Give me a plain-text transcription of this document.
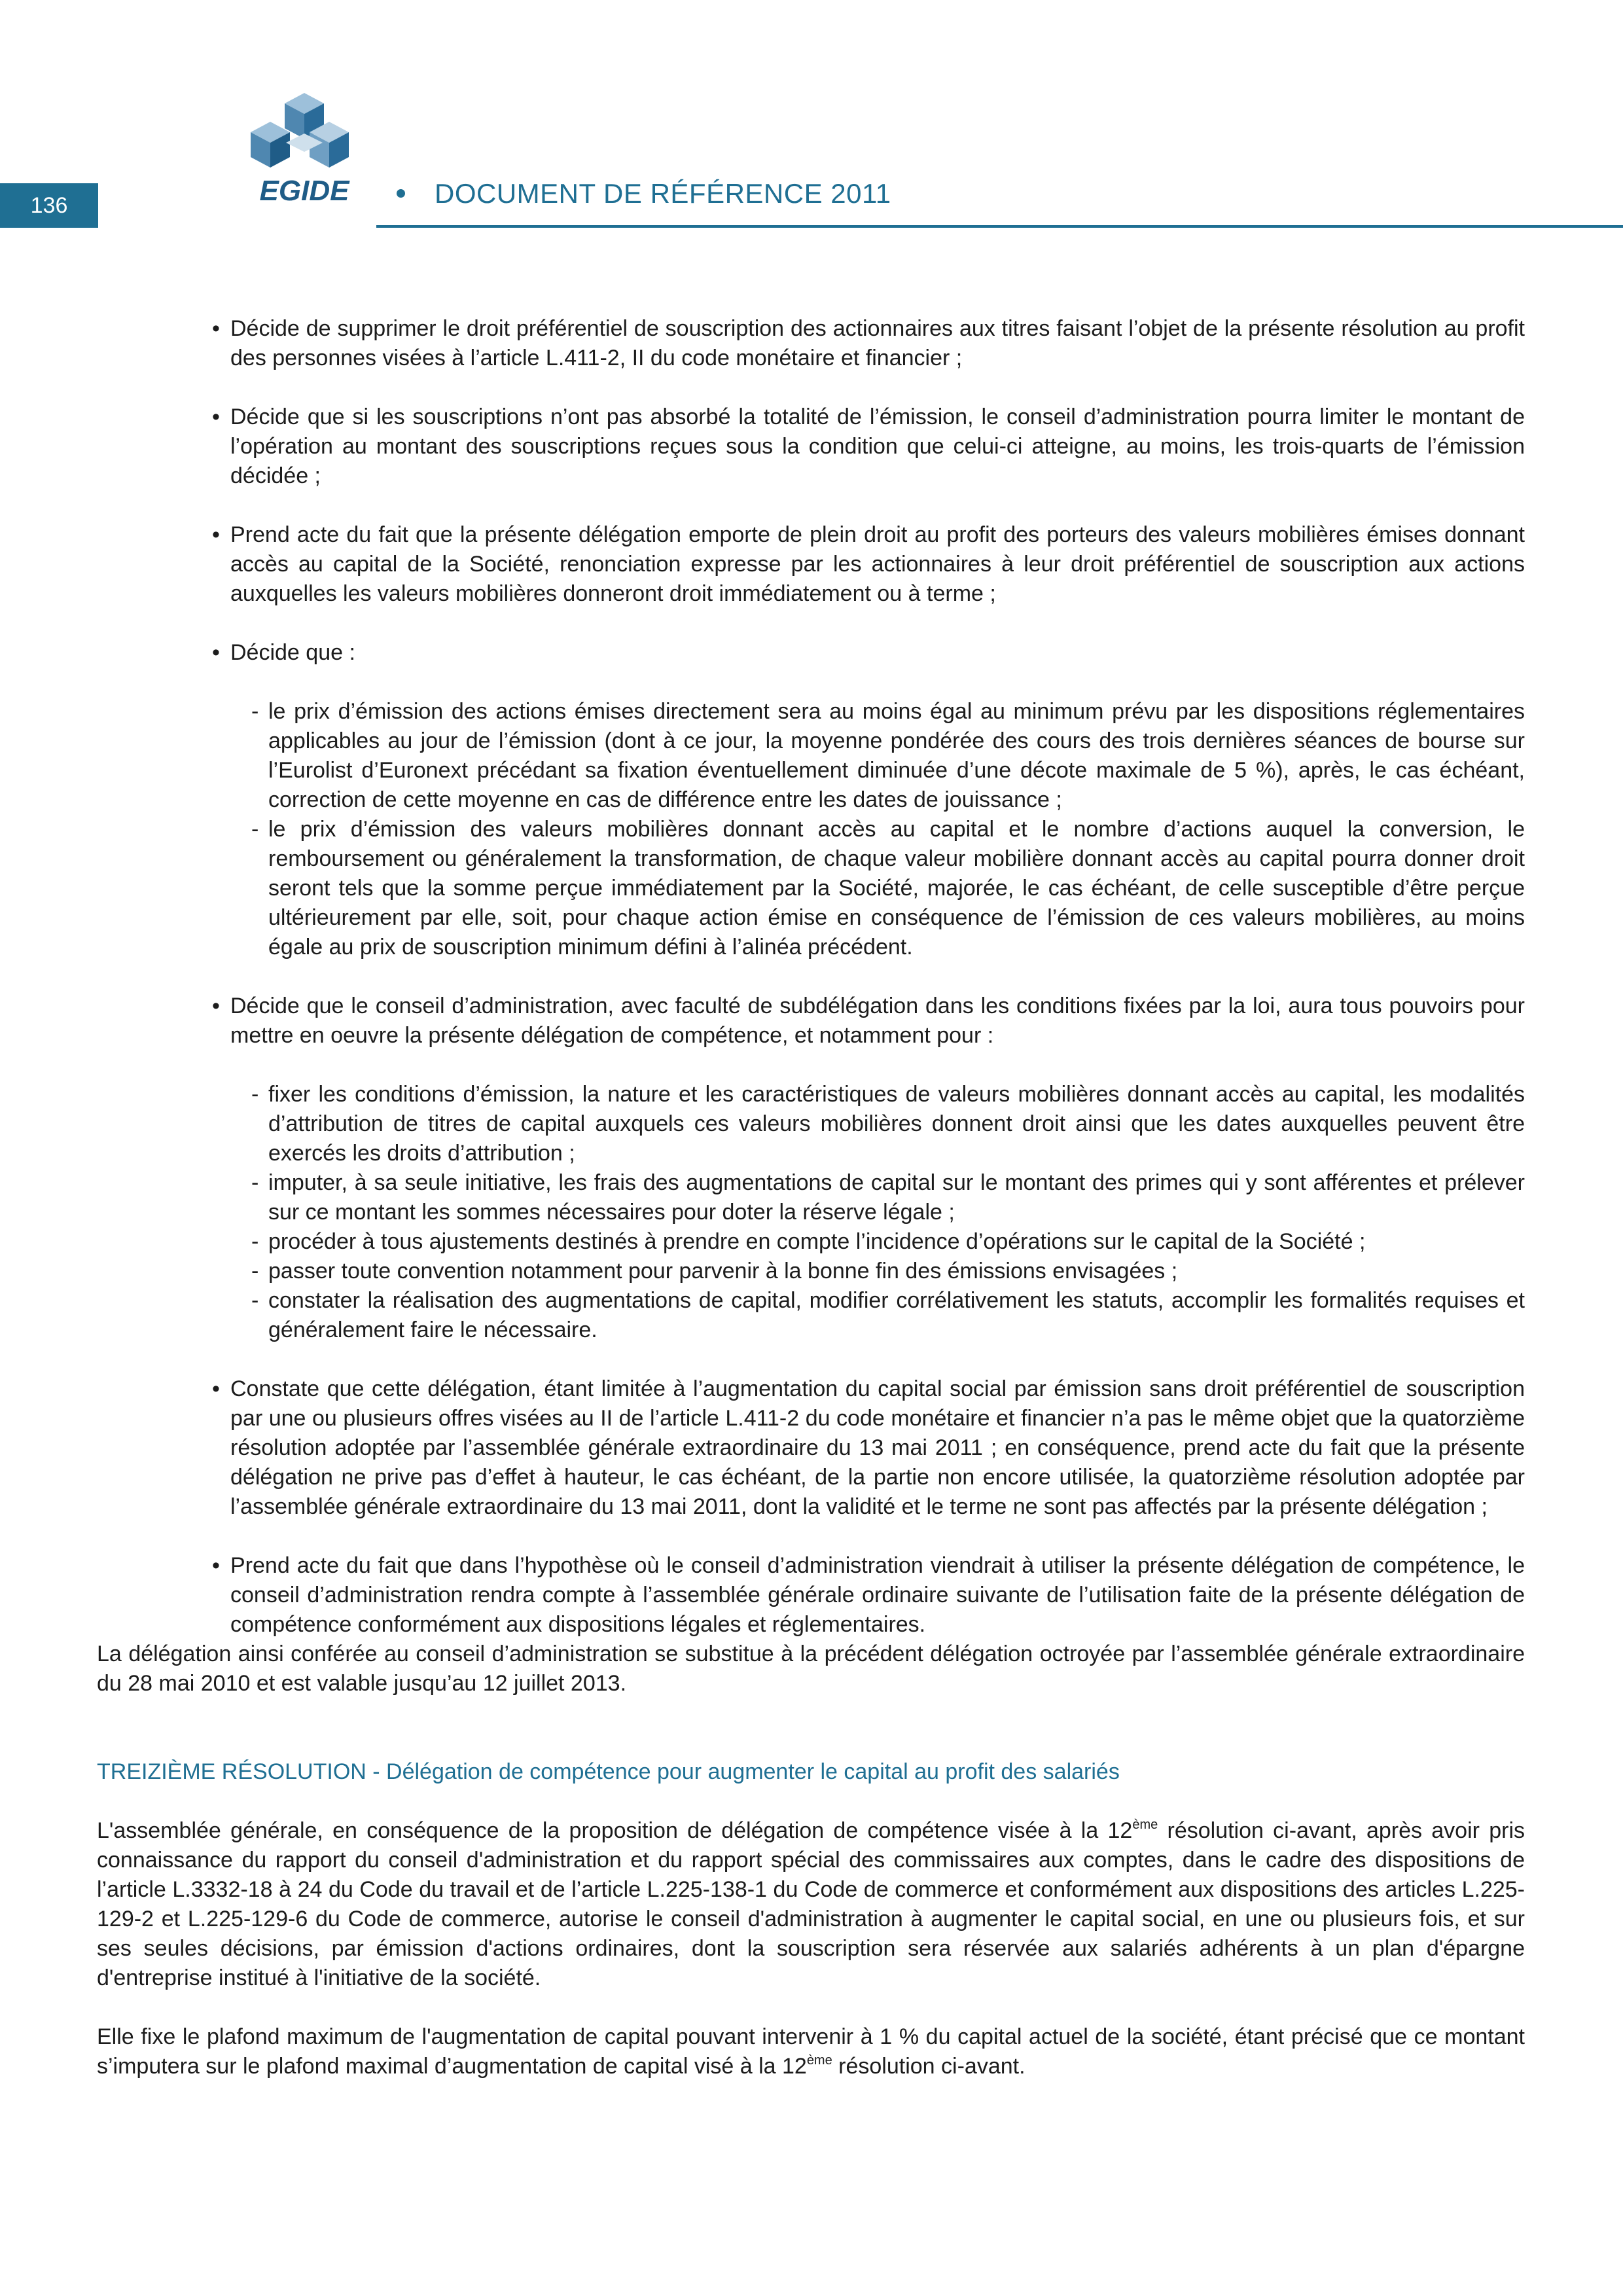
136	EGIDE	DOCUMENT DE RÉFÉRENCE 2011
• Décide de supprimer le droit préférentiel de souscription des actionnaires aux titres faisant l’objet de la présente résolution au profit des personnes visées à l’article L.411-2, II du code monétaire et financier ;
• Décide que si les souscriptions n’ont pas absorbé la totalité de l’émission, le conseil d’administration pourra limiter le montant de l’opération au montant des souscriptions reçues sous la condition que celui-ci atteigne, au moins, les trois-quarts de l’émission décidée ;
• Prend acte du fait que la présente délégation emporte de plein droit au profit des porteurs des valeurs mobilières émises donnant accès au capital de la Société, renonciation expresse par les actionnaires à leur droit préférentiel de souscription aux actions auxquelles les valeurs mobilières donneront droit immédiatement ou à terme ;
• Décide que :
- le prix d’émission des actions émises directement sera au moins égal au minimum prévu par les dispositions réglementaires applicables au jour de l’émission (dont à ce jour, la moyenne pondérée des cours des trois dernières séances de bourse sur l’Eurolist d’Euronext précédant sa fixation éventuellement diminuée d’une décote maximale de 5 %), après, le cas échéant, correction de cette moyenne en cas de différence entre les dates de jouissance ;
- le prix d’émission des valeurs mobilières donnant accès au capital et le nombre d’actions auquel la conversion, le remboursement ou généralement la transformation, de chaque valeur mobilière donnant accès au capital pourra donner droit seront tels que la somme perçue immédiatement par la Société, majorée, le cas échéant, de celle susceptible d’être perçue ultérieurement par elle, soit, pour chaque action émise en conséquence de l’émission de ces valeurs mobilières, au moins égale au prix de souscription minimum défini à l’alinéa précédent.
• Décide que le conseil d’administration, avec faculté de subdélégation dans les conditions fixées par la loi, aura tous pouvoirs pour mettre en oeuvre la présente délégation de compétence, et notamment pour :
- fixer les conditions d’émission, la nature et les caractéristiques de valeurs mobilières donnant accès au capital, les modalités d’attribution de titres de capital auxquels ces valeurs mobilières donnent droit ainsi que les dates auxquelles peuvent être exercés les droits d’attribution ;
- imputer, à sa seule initiative, les frais des augmentations de capital sur le montant des primes qui y sont afférentes et prélever sur ce montant les sommes nécessaires pour doter la réserve légale ;
- procéder à tous ajustements destinés à prendre en compte l’incidence d’opérations sur le capital de la Société ;
- passer toute convention notamment pour parvenir à la bonne fin des émissions envisagées ;
- constater la réalisation des augmentations de capital, modifier corrélativement les statuts, accomplir les formalités requises et généralement faire le nécessaire.
• Constate que cette délégation, étant limitée à l’augmentation du capital social par émission sans droit préférentiel de souscription par une ou plusieurs offres visées au II de l’article L.411-2 du code monétaire et financier n’a pas le même objet que la quatorzième résolution adoptée par l’assemblée générale extraordinaire du 13 mai 2011 ; en conséquence, prend acte du fait que la présente délégation ne prive pas d’effet à hauteur, le cas échéant, de la partie non encore utilisée, la quatorzième résolution adoptée par l’assemblée générale extraordinaire du 13 mai 2011, dont la validité et le terme ne sont pas affectés par la présente délégation ;
• Prend acte du fait que dans l’hypothèse où le conseil d’administration viendrait à utiliser la présente délégation de compétence, le conseil d’administration rendra compte à l’assemblée générale ordinaire suivante de l’utilisation faite de la présente délégation de compétence conformément aux dispositions légales et réglementaires.
La délégation ainsi conférée au conseil d’administration se substitue à la précédent délégation octroyée par l’assemblée générale extraordinaire du 28 mai 2010 et est valable jusqu’au 12 juillet 2013.
TREIZIÈME RÉSOLUTION - Délégation de compétence pour augmenter le capital au profit des salariés
L'assemblée générale, en conséquence de la proposition de délégation de compétence visée à la 12ème résolution ci-avant, après avoir pris connaissance du rapport du conseil d'administration et du rapport spécial des commissaires aux comptes, dans le cadre des dispositions de l’article L.3332-18 à 24 du Code du travail et de l’article L.225-138-1 du Code de commerce et conformément aux dispositions des articles L.225-129-2 et L.225-129-6 du Code de commerce, autorise le conseil d'administration à augmenter le capital social, en une ou plusieurs fois, et sur ses seules décisions, par émission d'actions ordinaires, dont la souscription sera réservée aux salariés adhérents à un plan d'épargne d'entreprise institué à l'initiative de la société.
Elle fixe le plafond maximum de l'augmentation de capital pouvant intervenir à 1 % du capital actuel de la société, étant précisé que ce montant s’imputera sur le plafond maximal d’augmentation de capital visé à la 12ème résolution ci-avant.
